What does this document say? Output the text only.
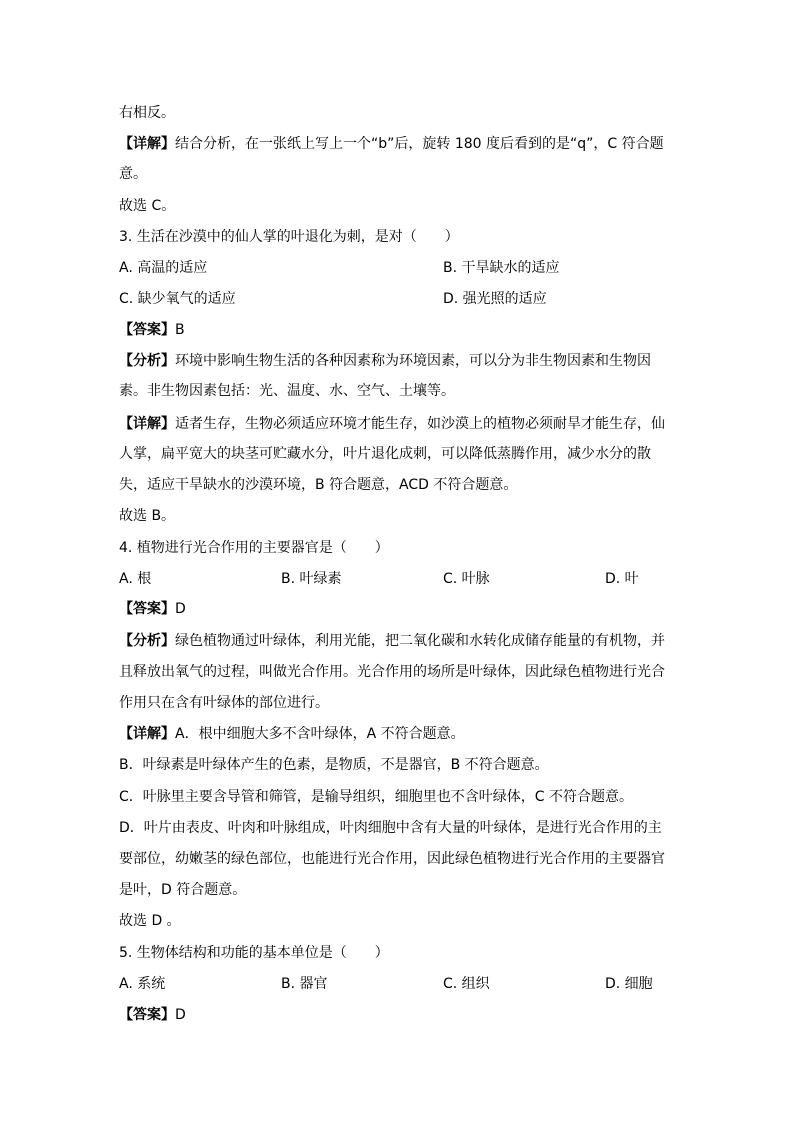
右相反。
【详解】结合分析，在一张纸上写上一个“b”后，旋转 180 度后看到的是“q”，C 符合题
意。
故选 C。
3. 生活在沙漠中的仙人掌的叶退化为刺，是对（　　）
A. 高温的适应	B. 干旱缺水的适应
C. 缺少氧气的适应	D. 强光照的适应
【答案】B
【分析】环境中影响生物生活的各种因素称为环境因素，可以分为非生物因素和生物因
素。非生物因素包括：光、温度、水、空气、土壤等。
【详解】适者生存，生物必须适应环境才能生存，如沙漠上的植物必须耐旱才能生存，仙
人掌，扁平宽大的块茎可贮藏水分，叶片退化成刺，可以降低蒸腾作用，减少水分的散
失，适应干旱缺水的沙漠环境，B 符合题意，ACD 不符合题意。
故选 B。
4. 植物进行光合作用的主要器官是（　　）
A. 根	B. 叶绿素	C. 叶脉	D. 叶
【答案】D
【分析】绿色植物通过叶绿体，利用光能，把二氧化碳和水转化成储存能量的有机物，并
且释放出氧气的过程，叫做光合作用。光合作用的场所是叶绿体，因此绿色植物进行光合
作用只在含有叶绿体的部位进行。
【详解】A．根中细胞大多不含叶绿体，A 不符合题意。
B．叶绿素是叶绿体产生的色素，是物质，不是器官，B 不符合题意。
C．叶脉里主要含导管和筛管，是输导组织，细胞里也不含叶绿体，C 不符合题意。
D．叶片由表皮、叶肉和叶脉组成，叶肉细胞中含有大量的叶绿体，是进行光合作用的主
要部位，幼嫩茎的绿色部位，也能进行光合作用，因此绿色植物进行光合作用的主要器官
是叶，D 符合题意。
故选 D 。
5. 生物体结构和功能的基本单位是（　　）
A. 系统	B. 器官	C. 组织	D. 细胞
【答案】D
